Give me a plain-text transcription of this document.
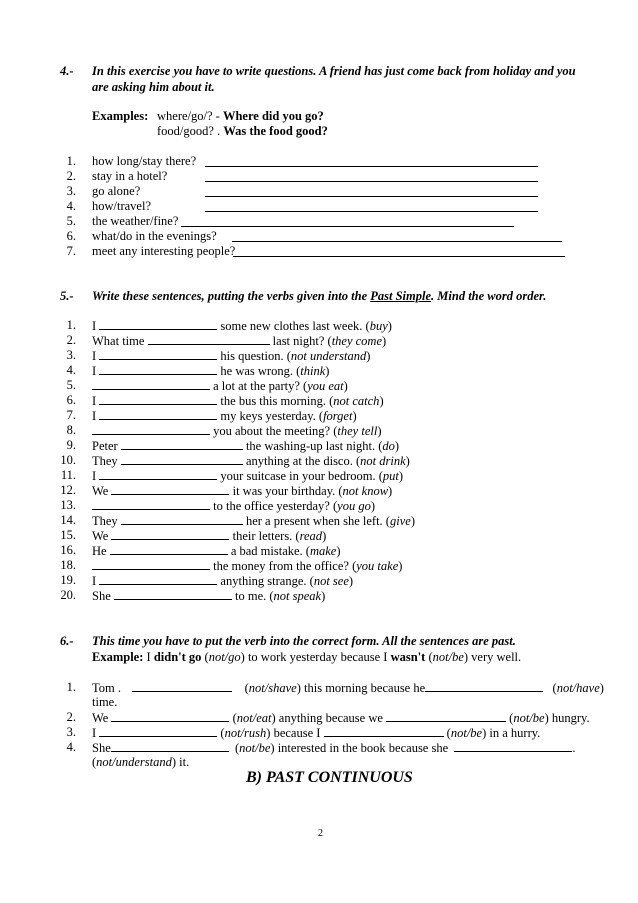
4.- In this exercise you have to write questions. A friend has just come back from holiday and you
are asking him about it.
Examples: where/go/? - Where did you go?
food/good? . Was the food good?
1. how long/stay there?
2. stay in a hotel?
3. go alone?
4. how/travel?
5. the weather/fine?
6. what/do in the evenings?
7. meet any interesting people?
5.- Write these sentences, putting the verbs given into the Past Simple. Mind the word order.
1. I	some new clothes last week. (buy)
2. What time	last night? (they come)
3. I	his question. (not understand)
4. I	he was wrong. (think)
5.	a lot at the party? (you eat)
6. I	the bus this morning. (not catch)
7. I	my keys yesterday. (forget)
8.	you about the meeting? (they tell)
9. Peter	the washing-up last night. (do)
10. They	anything at the disco. (not drink)
11. I	your suitcase in your bedroom. (put)
12. We	it was your birthday. (not know)
13.	to the office yesterday? (you go)
14. They	her a present when she left. (give)
15. We	their letters. (read)
16. He	a bad mistake. (make)
18.	the money from the office? (you take)
19. I	anything strange. (not see)
20. She	to me. (not speak)
6.- This time you have to put the verb into the correct form. All the sentences are past.
Example: I didn't go (not/go) to work yesterday because I wasn't (not/be) very well.
1. Tom .	(not/shave) this morning because he	(not/have)
time.
2. We	(not/eat) anything because we	(not/be) hungry.
3. I	(not/rush) because I	(not/be) in a hurry.
4. She	(not/be) interested in the book because she	.
(not/understand) it.
B) PAST CONTINUOUS
2
